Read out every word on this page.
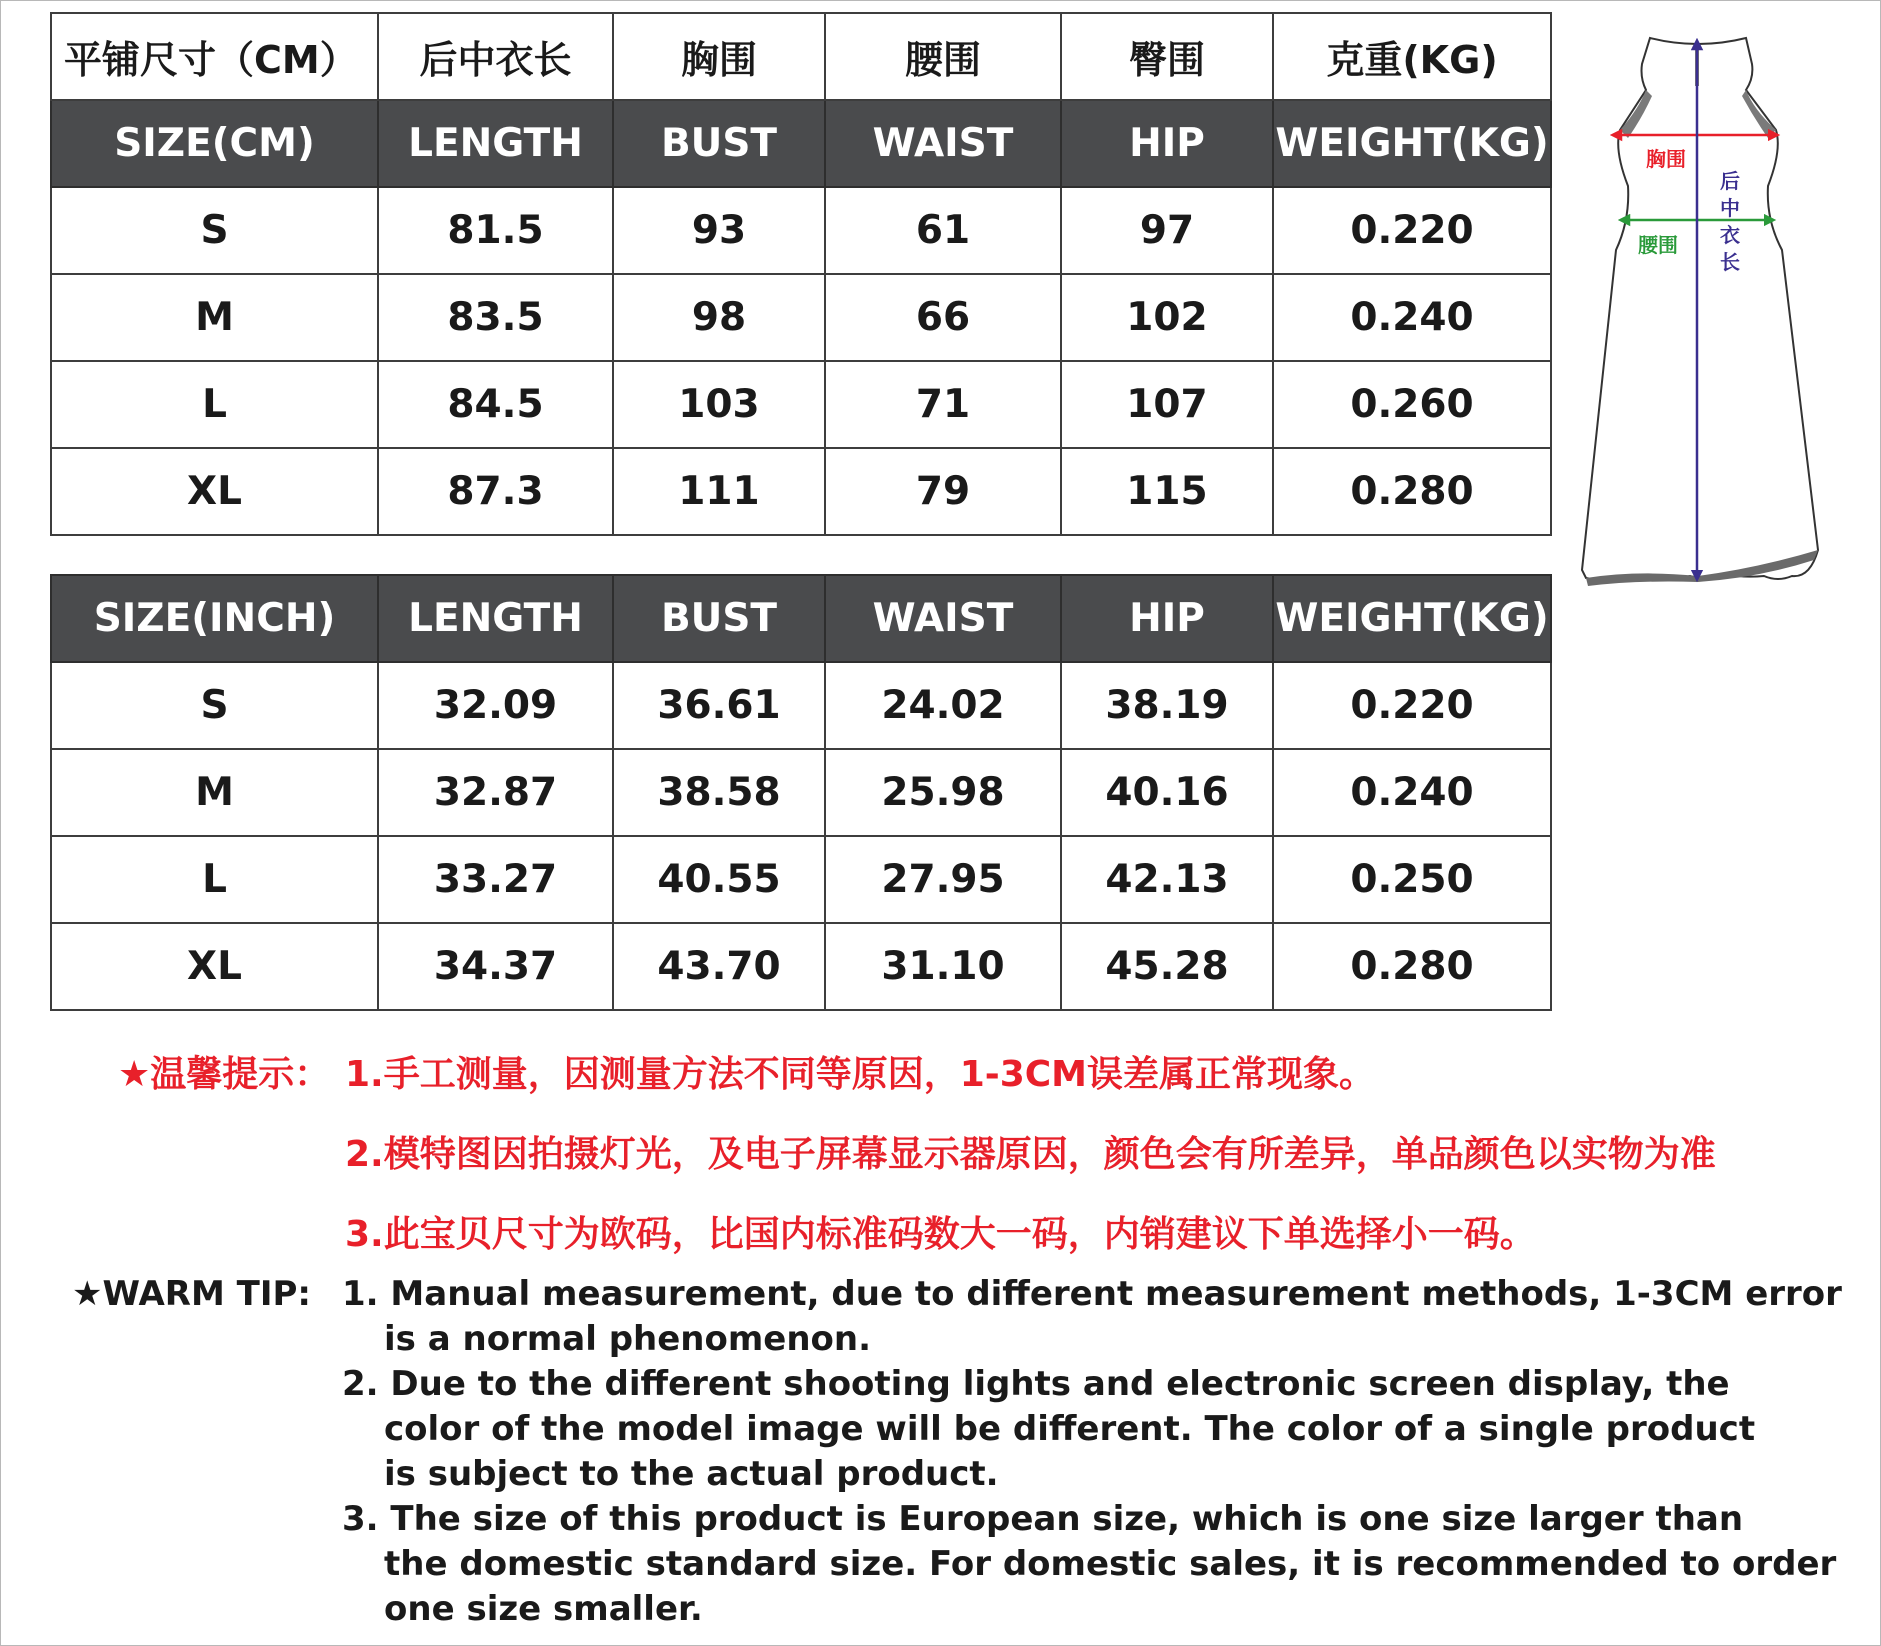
平铺尺寸（CM）	后中衣长	胸围	腰围	臀围	克重(KG)
SIZE(CM)	LENGTH	BUST	WAIST	HIP	WEIGHT(KG)
S	81.5	93	61	97	0.220
M	83.5	98	66	102	0.240
L	84.5	103	71	107	0.260
XL	87.3	111	79	115	0.280
SIZE(INCH)	LENGTH	BUST	WAIST	HIP	WEIGHT(KG)
S	32.09	36.61	24.02	38.19	0.220
M	32.87	38.58	25.98	40.16	0.240
L	33.27	40.55	27.95	42.13	0.250
XL	34.37	43.70	31.10	45.28	0.280
胸围
腰围
后中衣长
★温馨提示： 1.手工测量，因测量方法不同等原因，1-3CM误差属正常现象。
2.模特图因拍摄灯光，及电子屏幕显示器原因，颜色会有所差异，单品颜色以实物为准
3.此宝贝尺寸为欧码，比国内标准码数大一码，内销建议下单选择小一码。
★WARM TIP: 1. Manual measurement, due to different measurement methods, 1-3CM error
is a normal phenomenon.
2. Due to the different shooting lights and electronic screen display, the
color of the model image will be different. The color of a single product
is subject to the actual product.
3. The size of this product is European size, which is one size larger than
the domestic standard size. For domestic sales, it is recommended to order
one size smaller.
